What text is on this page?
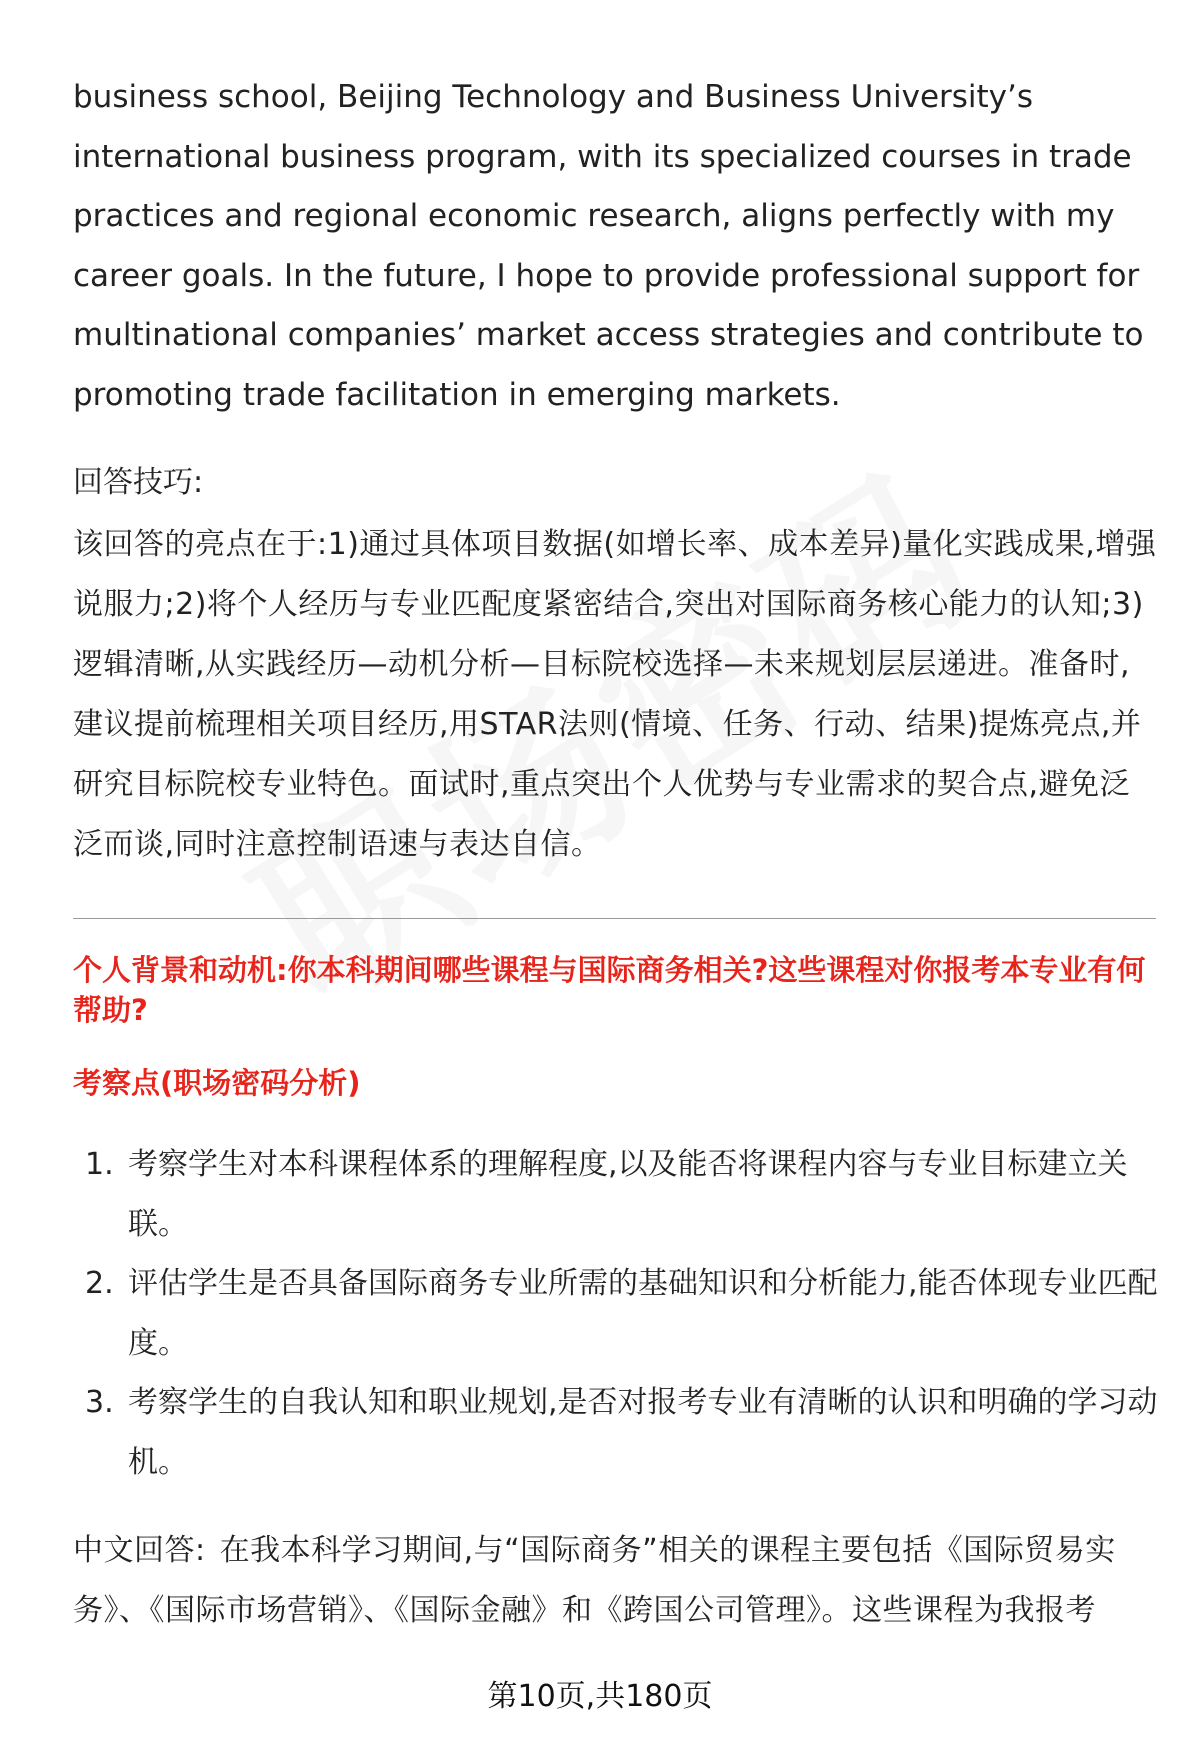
business school, Beijing Technology and Business University’s international business program, with its specialized courses in trade practices and regional economic research, aligns perfectly with my career goals. In the future, I hope to provide professional support for multinational companies’ market access strategies and contribute to promoting trade facilitation in emerging markets.

回答技巧:

该回答的亮点在于:1)通过具体项目数据(如增长率、成本差异)量化实践成果,增强说服力;2)将个人经历与专业匹配度紧密结合,突出对国际商务核心能力的认知;3)逻辑清晰,从实践经历—动机分析—目标院校选择—未来规划层层递进。准备时,建议提前梳理相关项目经历,用STAR法则(情境、任务、行动、结果)提炼亮点,并研究目标院校专业特色。面试时,重点突出个人优势与专业需求的契合点,避免泛泛而谈,同时注意控制语速与表达自信。

个人背景和动机:你本科期间哪些课程与国际商务相关?这些课程对你报考本专业有何帮助?
考察点(职场密码分析)
1. 考察学生对本科课程体系的理解程度,以及能否将课程内容与专业目标建立关联。
2. 评估学生是否具备国际商务专业所需的基础知识和分析能力,能否体现专业匹配度。
3. 考察学生的自我认知和职业规划,是否对报考专业有清晰的认识和明确的学习动机。

中文回答: 在我本科学习期间,与“国际商务”相关的课程主要包括《国际贸易实务》、《国际市场营销》、《国际金融》和《跨国公司管理》。这些课程为我报考

第10页,共180页
